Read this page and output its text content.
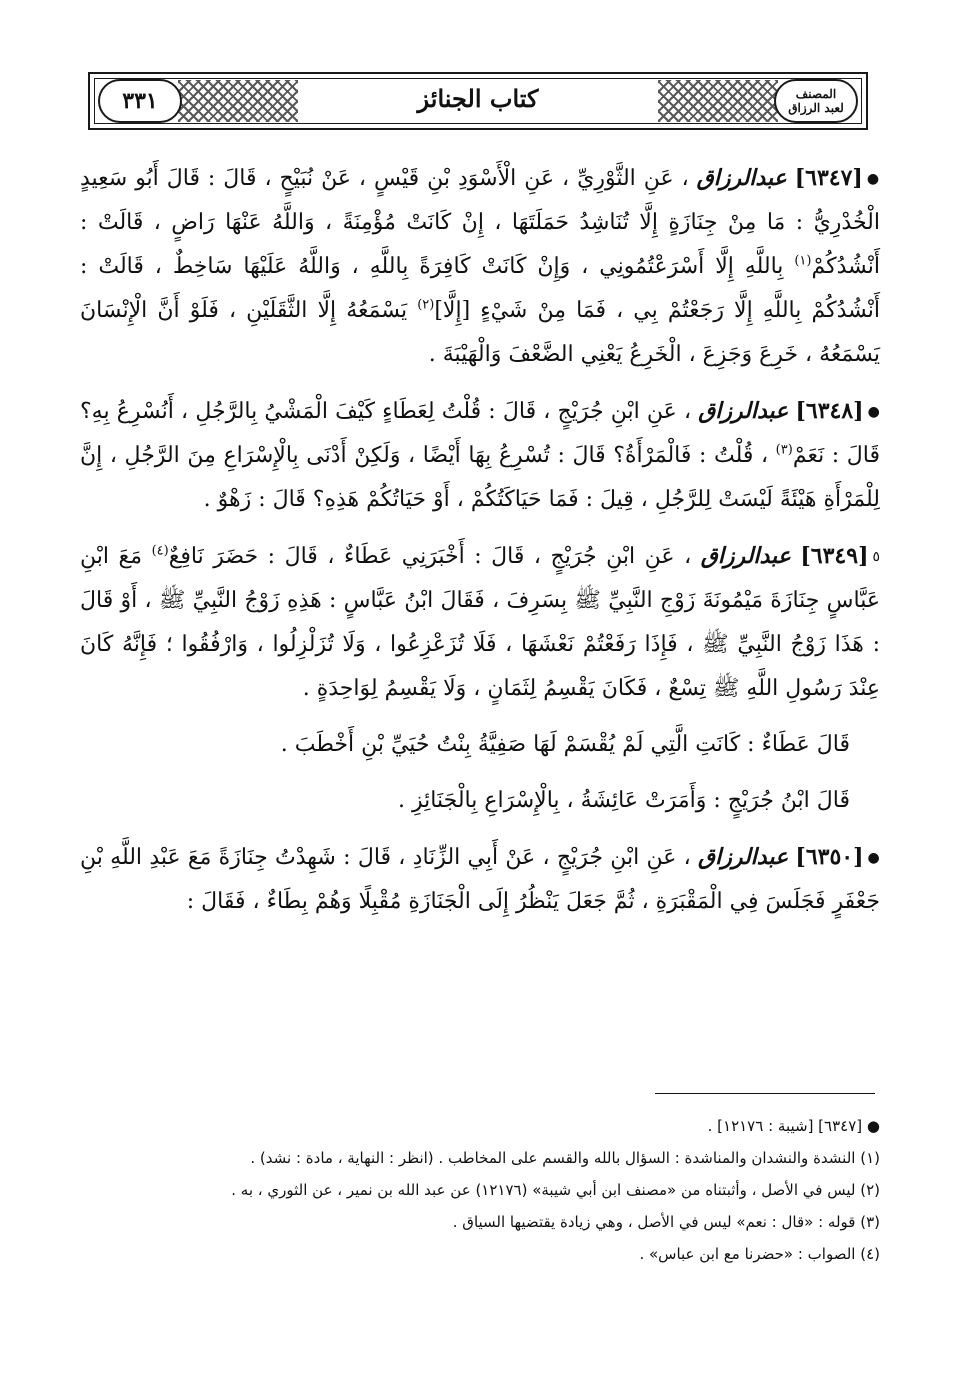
المصنف
لعبد الرزاق
كتاب الجنائز
٣٣١

●[٦٣٤٧] عبدالرزاق ، عَنِ الثَّوْرِيِّ ، عَنِ الْأَسْوَدِ بْنِ قَيْسٍ ، عَنْ نُبَيْحٍ ، قَالَ : قَالَ أَبُو سَعِيدٍ الْخُدْرِيُّ : مَا مِنْ جِنَازَةٍ إِلَّا تُنَاشِدُ حَمَلَتَهَا ، إِنْ كَانَتْ مُؤْمِنَةً ، وَاللَّهُ عَنْهَا رَاضٍ ، قَالَتْ : أَنْشُدُكُمْ$^{(١)}$ بِاللَّهِ إِلَّا أَسْرَعْتُمُونِي ، وَإِنْ كَانَتْ كَافِرَةً بِاللَّهِ ، وَاللَّهُ عَلَيْهَا سَاخِطٌ ، قَالَتْ : أَنْشُدُكُمْ بِاللَّهِ إِلَّا رَجَعْتُمْ بِي ، فَمَا مِنْ شَيْءٍ [إِلَّا]$^{(٢)}$ يَسْمَعُهُ إِلَّا الثَّقَلَيْنِ ، فَلَوْ أَنَّ الْإِنْسَانَ يَسْمَعُهُ ، خَرِعَ وَجَزِعَ ، الْخَرِعُ يَعْنِي الضَّعْفَ وَالْهَيْبَةَ .

●[٦٣٤٨] عبدالرزاق ، عَنِ ابْنِ جُرَيْجٍ ، قَالَ : قُلْتُ لِعَطَاءٍ كَيْفَ الْمَشْيُ بِالرَّجُلِ ، أَنُسْرِعُ بِهِ؟ قَالَ : نَعَمْ$^{(٣)}$ ، قُلْتُ : فَالْمَرْأَةُ؟ قَالَ : تُسْرِعُ بِهَا أَيْضًا ، وَلَكِنْ أَدْنَى بِالْإِسْرَاعِ مِنَ الرَّجُلِ ، إِنَّ لِلْمَرْأَةِ هَيْئَةً لَيْسَتْ لِلرَّجُلِ ، قِيلَ : فَمَا حَيَاكَتُكُمْ ، أَوْ حَيَاتُكُمْ هَذِهِ؟ قَالَ : زَهْوٌ .

٥[٦٣٤٩] عبدالرزاق ، عَنِ ابْنِ جُرَيْجٍ ، قَالَ : أَخْبَرَنِي عَطَاءٌ ، قَالَ : حَضَرَ نَافِعٌ$^{(٤)}$ مَعَ ابْنِ عَبَّاسٍ جِنَازَةَ مَيْمُونَةَ زَوْجِ النَّبِيِّ ﷺ بِسَرِفَ ، فَقَالَ ابْنُ عَبَّاسٍ : هَذِهِ زَوْجُ النَّبِيِّ ﷺ ، أَوْ قَالَ : هَذَا زَوْجُ النَّبِيِّ ﷺ ، فَإِذَا رَفَعْتُمْ نَعْشَهَا ، فَلَا تُزَعْزِعُوا ، وَلَا تُزَلْزِلُوا ، وَارْفُقُوا ؛ فَإِنَّهُ كَانَ عِنْدَ رَسُولِ اللَّهِ ﷺ تِسْعٌ ، فَكَانَ يَقْسِمُ لِثَمَانٍ ، وَلَا يَقْسِمُ لِوَاحِدَةٍ .

قَالَ عَطَاءٌ : كَانَتِ الَّتِي لَمْ يُقْسَمْ لَهَا صَفِيَّةُ بِنْتُ حُيَيِّ بْنِ أَخْطَبَ .

قَالَ ابْنُ جُرَيْجٍ : وَأَمَرَتْ عَائِشَةُ ، بِالْإِسْرَاعِ بِالْجَنَائِزِ .

●[٦٣٥٠] عبدالرزاق ، عَنِ ابْنِ جُرَيْجٍ ، عَنْ أَبِي الزِّنَادِ ، قَالَ : شَهِدْتُ جِنَازَةً مَعَ عَبْدِ اللَّهِ بْنِ جَعْفَرٍ فَجَلَسَ فِي الْمَقْبَرَةِ ، ثُمَّ جَعَلَ يَنْظُرُ إِلَى الْجَنَازَةِ مُقْبِلًا وَهُمْ بِطَاءٌ ، فَقَالَ :

● [٦٣٤٧] [شيبة : ١٢١٧٦] .

(١) النشدة والنشدان والمناشدة : السؤال بالله والقسم على المخاطب . (انظر : النهاية ، مادة : نشد) .

(٢) ليس في الأصل ، وأثبتناه من «مصنف ابن أبي شيبة» (١٢١٧٦) عن عبد الله بن نمير ، عن الثوري ، به .

(٣) قوله : «قال : نعم» ليس في الأصل ، وهي زيادة يقتضيها السياق .

(٤) الصواب : «حضرنا مع ابن عباس» .
